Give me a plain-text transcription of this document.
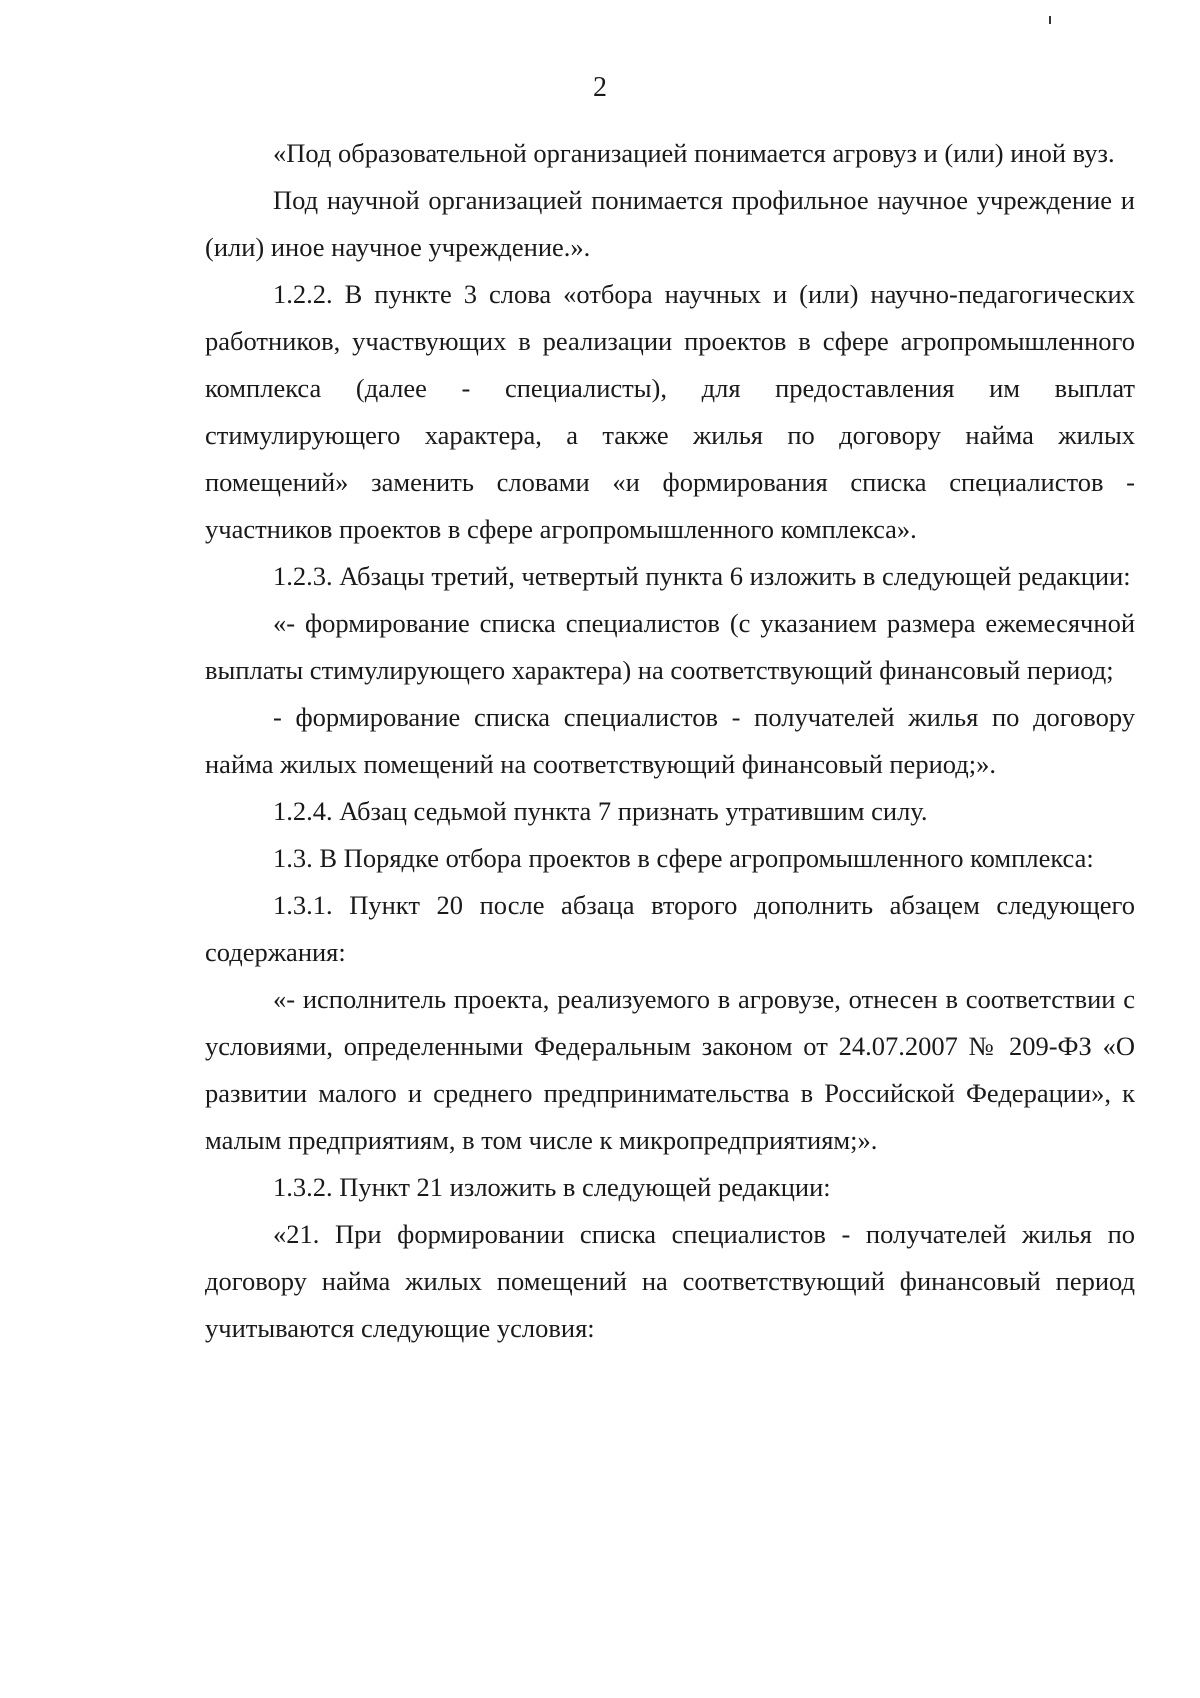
2

«Под образовательной организацией понимается агровуз и (или) иной вуз.

Под научной организацией понимается профильное научное учреждение и (или) иное научное учреждение.».

1.2.2. В пункте 3 слова «отбора научных и (или) научно-педагогических работников, участвующих в реализации проектов в сфере агропромышленного комплекса (далее - специалисты), для предоставления им выплат стимулирующего характера, а также жилья по договору найма жилых помещений» заменить словами «и формирования списка специалистов - участников проектов в сфере агропромышленного комплекса».

1.2.3. Абзацы третий, четвертый пункта 6 изложить в следующей редакции:

«- формирование списка специалистов (с указанием размера ежемесячной выплаты стимулирующего характера) на соответствующий финансовый период;

- формирование списка специалистов - получателей жилья по договору найма жилых помещений на соответствующий финансовый период;».

1.2.4. Абзац седьмой пункта 7 признать утратившим силу.

1.3. В Порядке отбора проектов в сфере агропромышленного комплекса:

1.3.1. Пункт 20 после абзаца второго дополнить абзацем следующего содержания:

«- исполнитель проекта, реализуемого в агровузе, отнесен в соответствии с условиями, определенными Федеральным законом от 24.07.2007 № 209-ФЗ «О развитии малого и среднего предпринимательства в Российской Федерации», к малым предприятиям, в том числе к микропредприятиям;».

1.3.2. Пункт 21 изложить в следующей редакции:

«21. При формировании списка специалистов - получателей жилья по договору найма жилых помещений на соответствующий финансовый период учитываются следующие условия:
